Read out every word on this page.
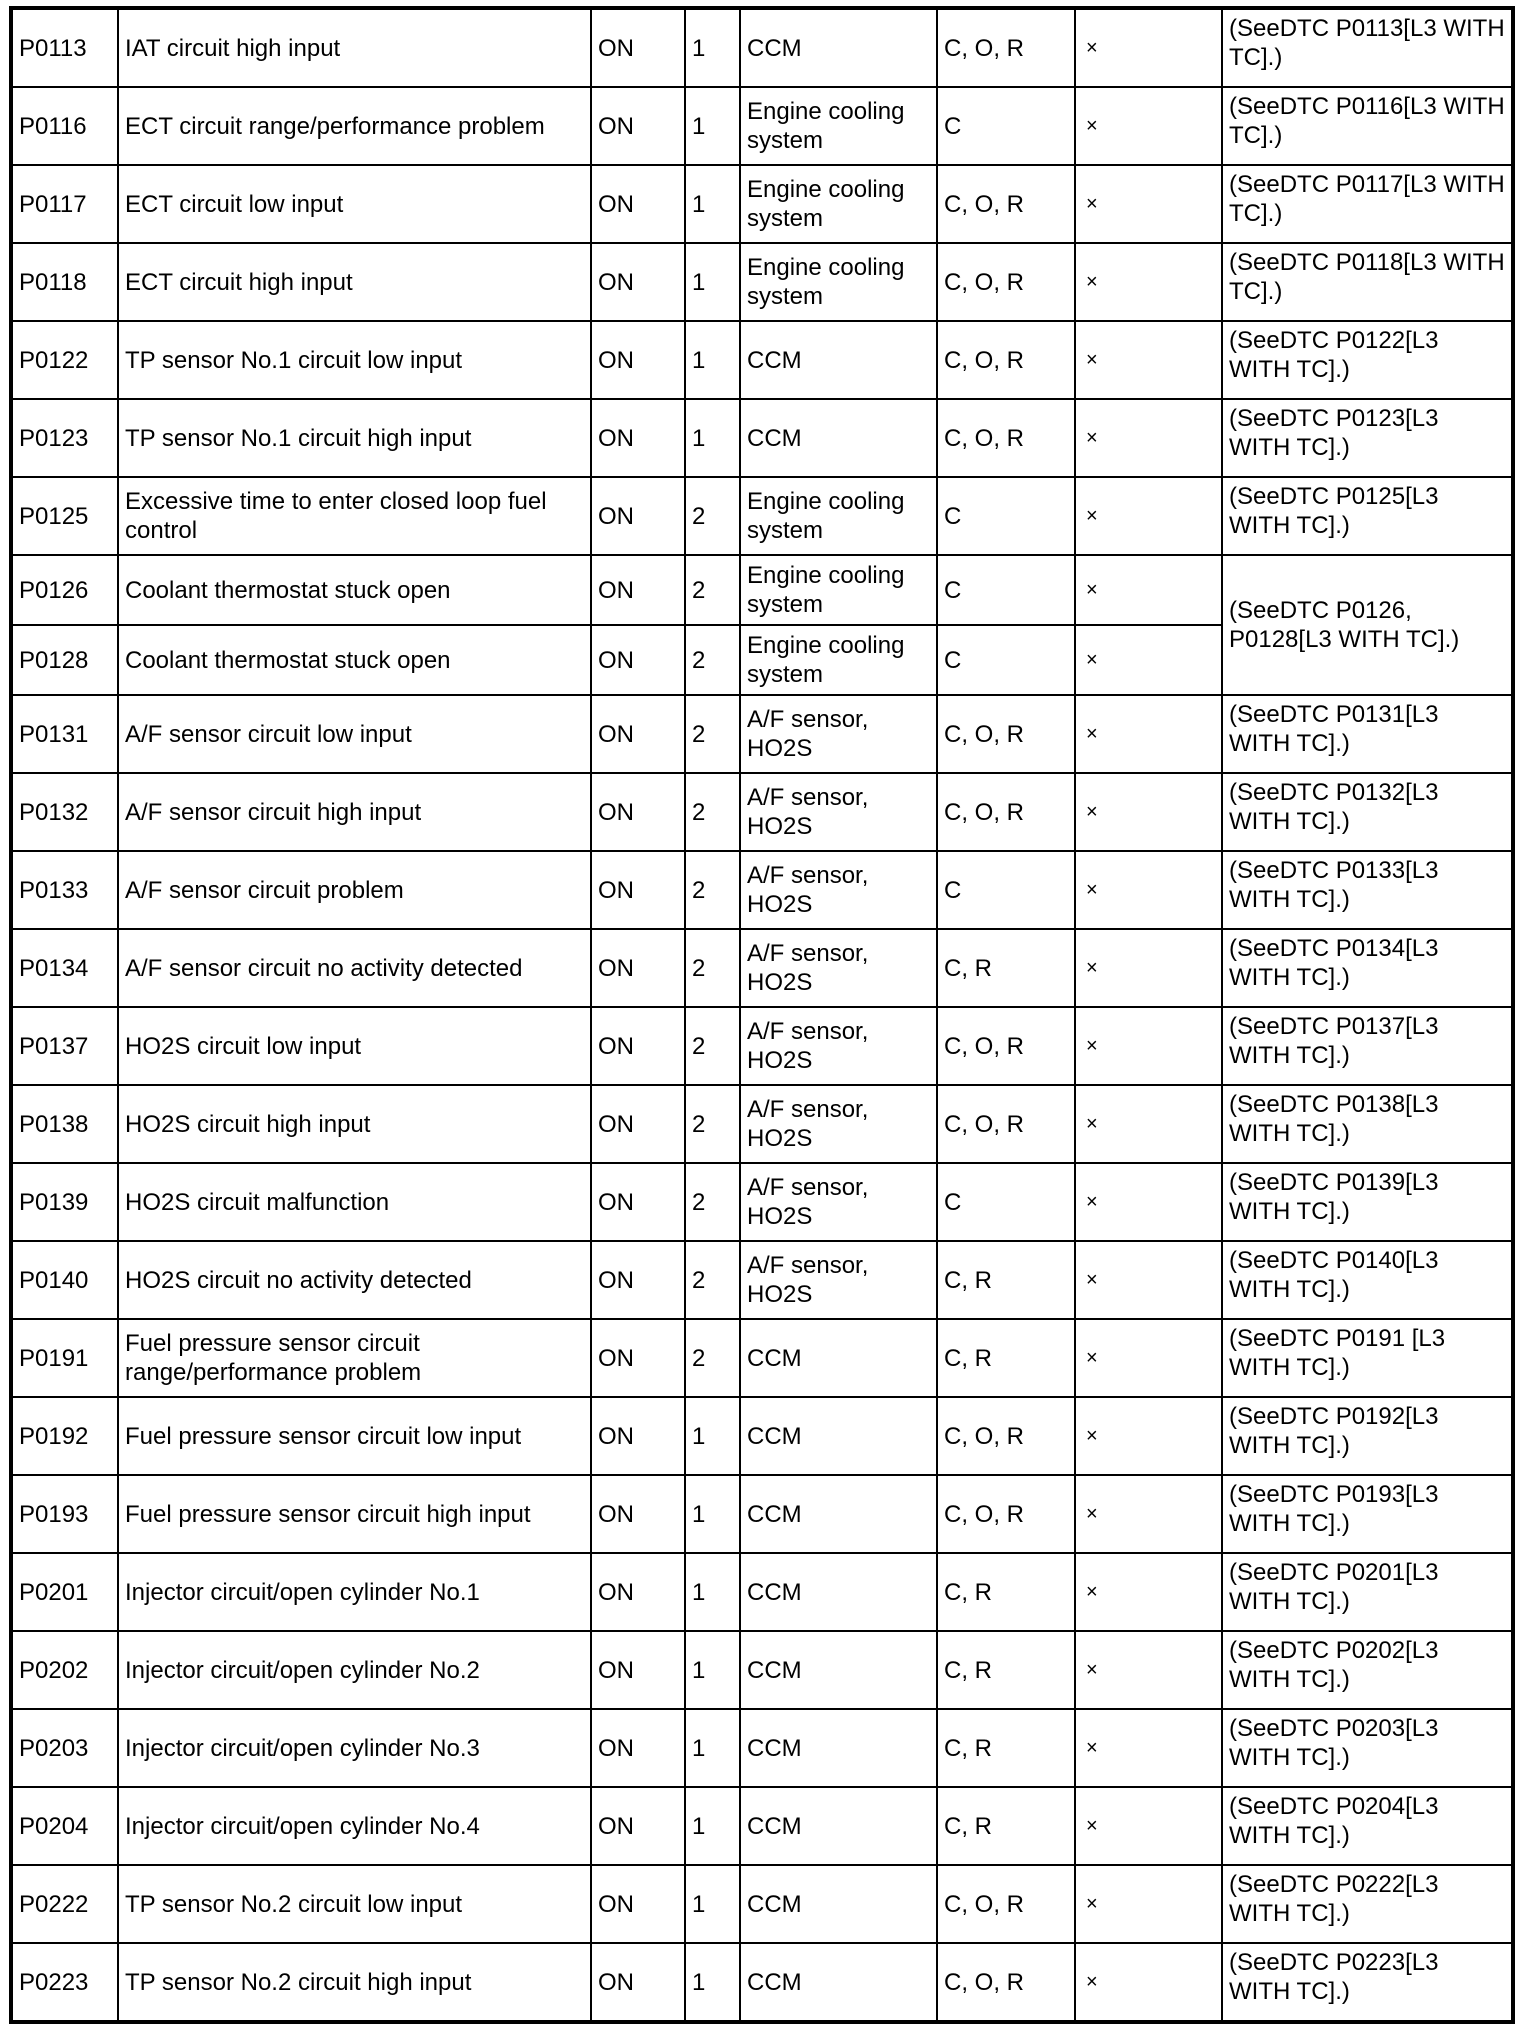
P0113	IAT circuit high input	ON	1	CCM	C, O, R	×	(SeeDTC P0113[L3 WITH TC].)
P0116	ECT circuit range/performance problem	ON	1	Engine cooling system	C	×	(SeeDTC P0116[L3 WITH TC].)
P0117	ECT circuit low input	ON	1	Engine cooling system	C, O, R	×	(SeeDTC P0117[L3 WITH TC].)
P0118	ECT circuit high input	ON	1	Engine cooling system	C, O, R	×	(SeeDTC P0118[L3 WITH TC].)
P0122	TP sensor No.1 circuit low input	ON	1	CCM	C, O, R	×	(SeeDTC P0122[L3 WITH TC].)
P0123	TP sensor No.1 circuit high input	ON	1	CCM	C, O, R	×	(SeeDTC P0123[L3 WITH TC].)
P0125	Excessive time to enter closed loop fuel control	ON	2	Engine cooling system	C	×	(SeeDTC P0125[L3 WITH TC].)
P0126	Coolant thermostat stuck open	ON	2	Engine cooling system	C	×	(SeeDTC P0126, P0128[L3 WITH TC].)
P0128	Coolant thermostat stuck open	ON	2	Engine cooling system	C	×	
P0131	A/F sensor circuit low input	ON	2	A/F sensor, HO2S	C, O, R	×	(SeeDTC P0131[L3 WITH TC].)
P0132	A/F sensor circuit high input	ON	2	A/F sensor, HO2S	C, O, R	×	(SeeDTC P0132[L3 WITH TC].)
P0133	A/F sensor circuit problem	ON	2	A/F sensor, HO2S	C	×	(SeeDTC P0133[L3 WITH TC].)
P0134	A/F sensor circuit no activity detected	ON	2	A/F sensor, HO2S	C, R	×	(SeeDTC P0134[L3 WITH TC].)
P0137	HO2S circuit low input	ON	2	A/F sensor, HO2S	C, O, R	×	(SeeDTC P0137[L3 WITH TC].)
P0138	HO2S circuit high input	ON	2	A/F sensor, HO2S	C, O, R	×	(SeeDTC P0138[L3 WITH TC].)
P0139	HO2S circuit malfunction	ON	2	A/F sensor, HO2S	C	×	(SeeDTC P0139[L3 WITH TC].)
P0140	HO2S circuit no activity detected	ON	2	A/F sensor, HO2S	C, R	×	(SeeDTC P0140[L3 WITH TC].)
P0191	Fuel pressure sensor circuit range/performance problem	ON	2	CCM	C, R	×	(SeeDTC P0191 [L3 WITH TC].)
P0192	Fuel pressure sensor circuit low input	ON	1	CCM	C, O, R	×	(SeeDTC P0192[L3 WITH TC].)
P0193	Fuel pressure sensor circuit high input	ON	1	CCM	C, O, R	×	(SeeDTC P0193[L3 WITH TC].)
P0201	Injector circuit/open cylinder No.1	ON	1	CCM	C, R	×	(SeeDTC P0201[L3 WITH TC].)
P0202	Injector circuit/open cylinder No.2	ON	1	CCM	C, R	×	(SeeDTC P0202[L3 WITH TC].)
P0203	Injector circuit/open cylinder No.3	ON	1	CCM	C, R	×	(SeeDTC P0203[L3 WITH TC].)
P0204	Injector circuit/open cylinder No.4	ON	1	CCM	C, R	×	(SeeDTC P0204[L3 WITH TC].)
P0222	TP sensor No.2 circuit low input	ON	1	CCM	C, O, R	×	(SeeDTC P0222[L3 WITH TC].)
P0223	TP sensor No.2 circuit high input	ON	1	CCM	C, O, R	×	(SeeDTC P0223[L3 WITH TC].)
